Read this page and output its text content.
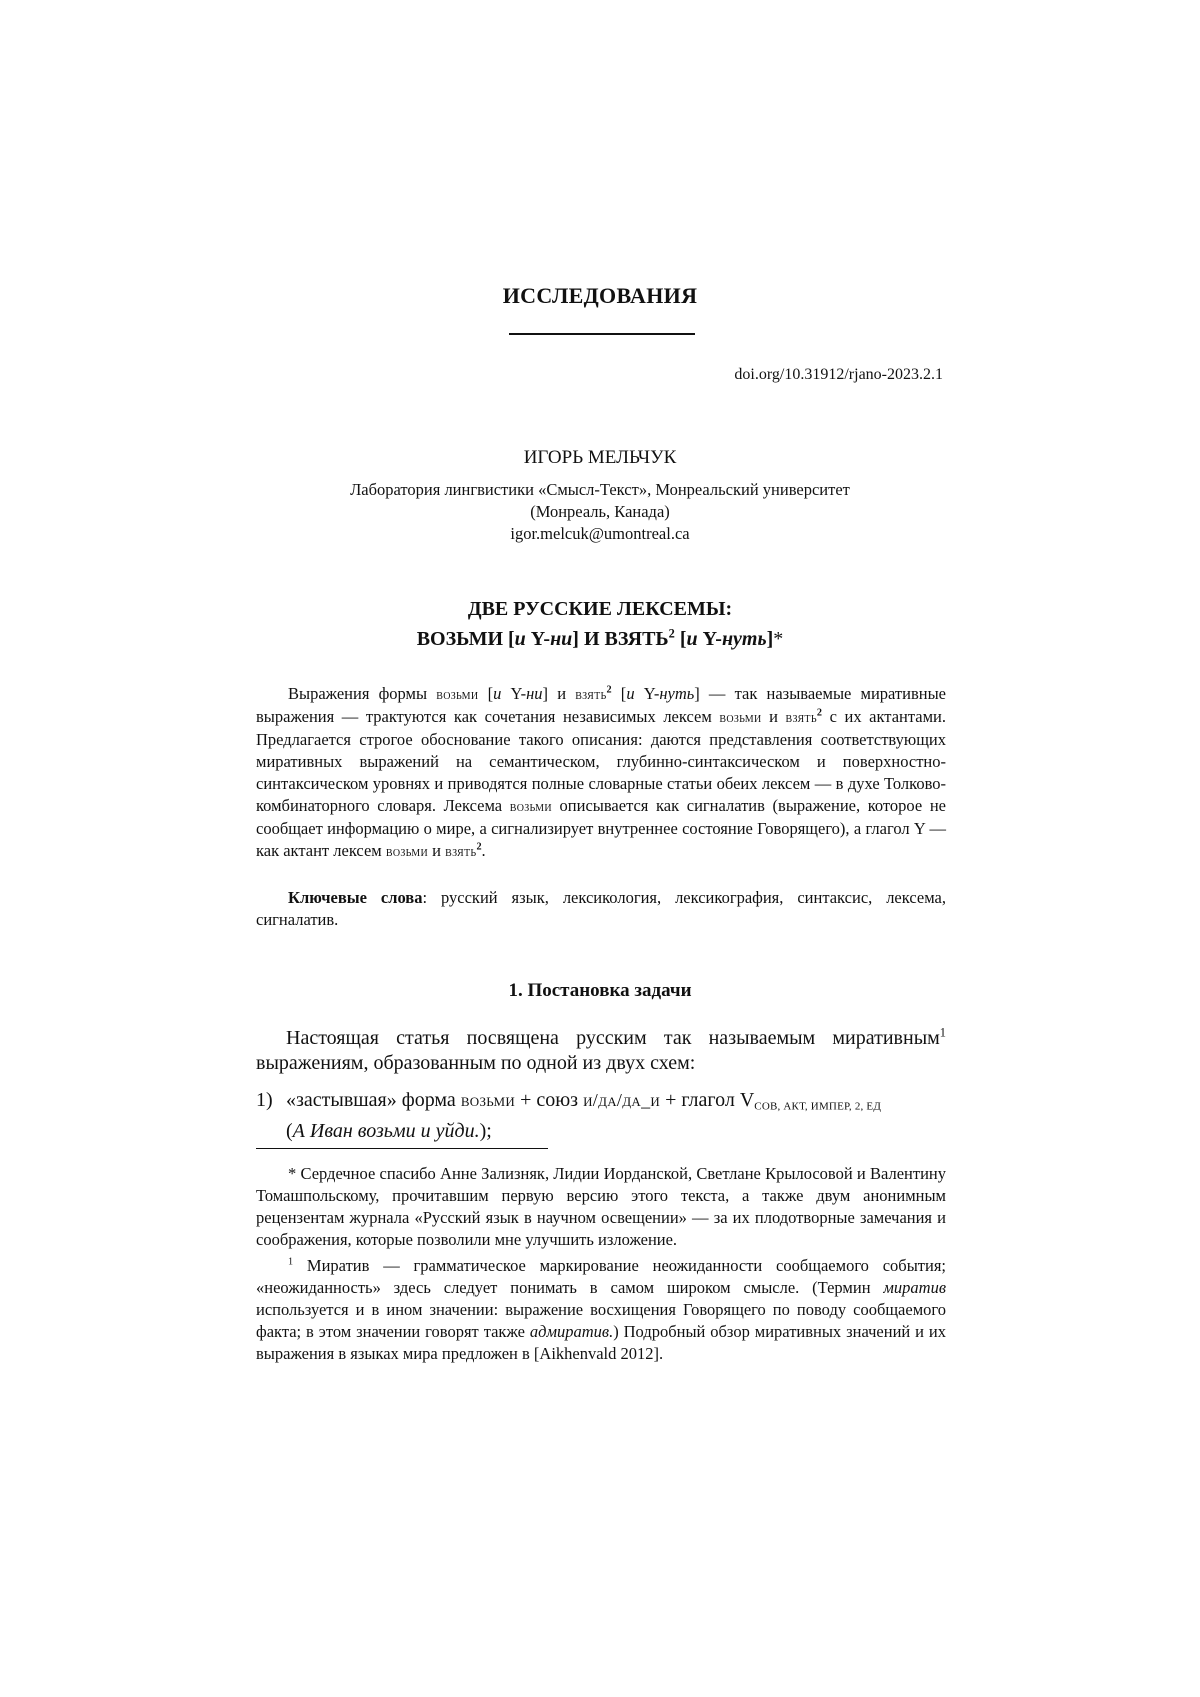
ИССЛЕДОВАНИЯ
doi.org/10.31912/rjano-2023.2.1
ИГОРЬ МЕЛЬЧУК
Лаборатория лингвистики «Смысл-Текст», Монреальский университет
(Монреаль, Канада)
igor.melcuk@umontreal.ca
ДВЕ РУССКИЕ ЛЕКСЕМЫ:
ВОЗЬМИ [и Y-ни] И ВЗЯТЬ$^2$ [и Y-нуть]*

Выражения формы возьми [и Y-ни] и взять$^2$ [и Y-нуть] — так называемые миративные выражения — трактуются как сочетания независимых лексем возьми и взять$^2$ с их актантами. Предлагается строгое обоснование такого описания: даются представления соответствующих миративных выражений на семантическом, глубинно-синтаксическом и поверхностно-синтаксическом уровнях и приводятся полные словарные статьи обеих лексем — в духе Толково-комбинаторного словаря. Лексема возьми описывается как сигналатив (выражение, которое не сообщает информацию о мире, а сигнализирует внутреннее состояние Говорящего), а глагол Y — как актант лексем возьми и взять$^2$.

Ключевые слова: русский язык, лексикология, лексикография, синтаксис, лексема, сигналатив.

1. Постановка задачи

Настоящая статья посвящена русским так называемым миративным$^1$ выражениям, образованным по одной из двух схем:

1) «застывшая» форма возьми + союз и/да/да_и + глагол $V_{СОВ, АКТ, ИМПЕР, 2, ЕД}$
(А Иван возьми и уйди.);

* Сердечное спасибо Анне Зализняк, Лидии Иорданской, Светлане Крылосовой и Валентину Томашпольскому, прочитавшим первую версию этого текста, а также двум анонимным рецензентам журнала «Русский язык в научном освещении» — за их плодотворные замечания и соображения, которые позволили мне улучшить изложение.

$^1$ Миратив — грамматическое маркирование неожиданности сообщаемого события; «неожиданность» здесь следует понимать в самом широком смысле. (Термин миратив используется и в ином значении: выражение восхищения Говорящего по поводу сообщаемого факта; в этом значении говорят также адмиратив.) Подробный обзор миративных значений и их выражения в языках мира предложен в [Aikhenvald 2012].
